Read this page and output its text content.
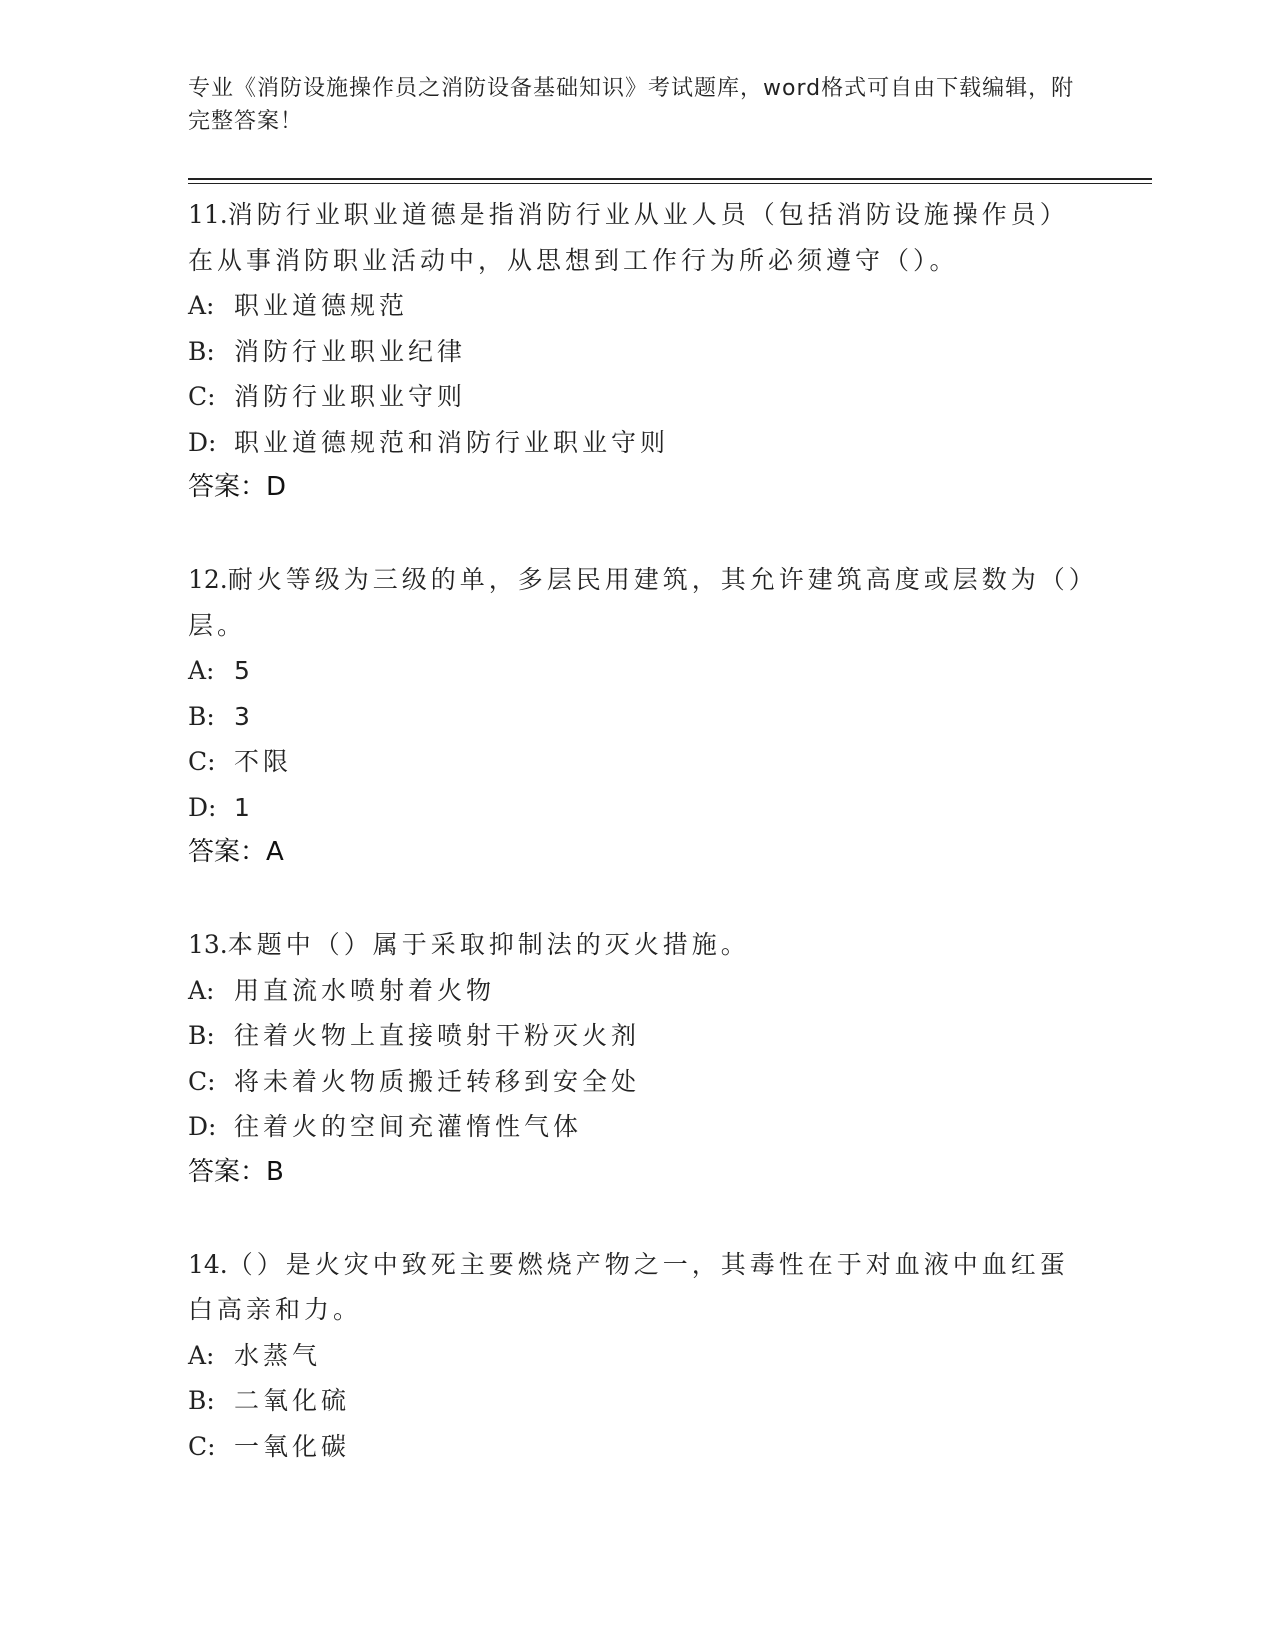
专业《消防设施操作员之消防设备基础知识》考试题库，word格式可自由下载编辑，附完整答案！

11.消防行业职业道德是指消防行业从业人员（包括消防设施操作员）在从事消防职业活动中，从思想到工作行为所必须遵守（）。

A: 职业道德规范

B: 消防行业职业纪律

C: 消防行业职业守则

D: 职业道德规范和消防行业职业守则

答案：D

12.耐火等级为三级的单，多层民用建筑，其允许建筑高度或层数为（）层。

A: 5

B: 3

C: 不限

D: 1

答案：A

13.本题中（）属于采取抑制法的灭火措施。

A: 用直流水喷射着火物

B: 往着火物上直接喷射干粉灭火剂

C: 将未着火物质搬迁转移到安全处

D: 往着火的空间充灌惰性气体

答案：B

14.（）是火灾中致死主要燃烧产物之一，其毒性在于对血液中血红蛋白高亲和力。

A: 水蒸气

B: 二氧化硫

C: 一氧化碳
